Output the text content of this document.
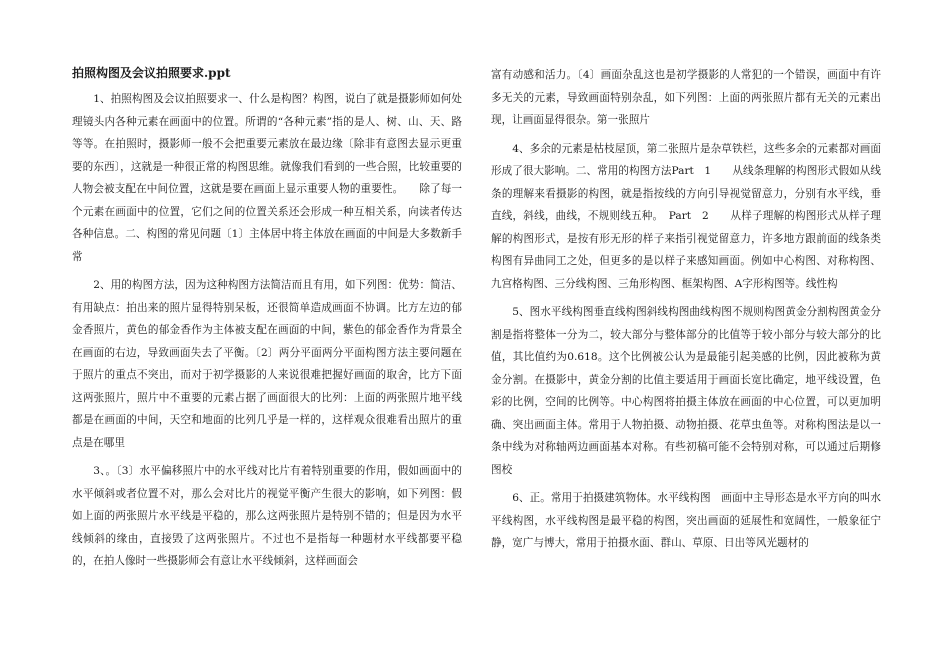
拍照构图及会议拍照要求.ppt

1、拍照构图及会议拍照要求一、什么是构图？构图，说白了就是摄影师如何处理镜头内各种元素在画面中的位置。所谓的“各种元素”指的是人、树、山、天、路等等。在拍照时，摄影师一般不会把重要元素放在最边缘〔除非有意图去显示更重要的东西〕，这就是一种很正常的构图思维。就像我们看到的一些合照，比较重要的人物会被支配在中间位置，这就是要在画面上显示重要人物的重要性。　　除了每一个元素在画面中的位置，它们之间的位置关系还会形成一种互相关系，向读者传达各种信息。二、构图的常见问题〔1〕主体居中将主体放在画面的中间是大多数新手常

2、用的构图方法，因为这种构图方法简洁而且有用，如下列图：优势：简洁、有用缺点：拍出来的照片显得特别呆板，还很简单造成画面不协调。比方左边的郁金香照片，黄色的郁金香作为主体被支配在画面的中间，紫色的郁金香作为背景全在画面的右边，导致画面失去了平衡。〔2〕两分平面两分平面构图方法主要问题在于照片的重点不突出，而对于初学摄影的人来说很难把握好画面的取舍，比方下面这两张照片，照片中不重要的元素占据了画面很大的比列：上面的两张照片地平线都是在画面的中间，天空和地面的比列几乎是一样的，这样观众很难看出照片的重点是在哪里

3、。〔3〕水平偏移照片中的水平线对比片有着特别重要的作用，假如画面中的水平倾斜或者位置不对，那么会对比片的视觉平衡产生很大的影响，如下列图：假如上面的两张照片水平线是平稳的，那么这两张照片是特别不错的；但是因为水平线倾斜的缘由，直接毁了这两张照片。不过也不是指每一种题材水平线都要平稳的，在拍人像时一些摄影师会有意让水平线倾斜，这样画面会

富有动感和活力。〔4〕画面杂乱这也是初学摄影的人常犯的一个错误，画面中有许多无关的元素，导致画面特别杂乱，如下列图：上面的两张照片都有无关的元素出现，让画面显得很杂。第一张照片

4、多余的元素是枯枝屋顶，第二张照片是杂草铁栏，这些多余的元素都对画面形成了很大影响。二、常用的构图方法Part　1　　从线条理解的构图形式假如从线条的理解来看摄影的构图，就是指按线的方向引导视觉留意力，分别有水平线，垂直线，斜线，曲线，不规则线五种。　Part　2　　从样子理解的构图形式从样子理解的构图形式，是按有形无形的样子来指引视觉留意力，许多地方跟前面的线条类构图有异曲同工之处，但更多的是以样子来感知画面。例如中心构图、对称构图、九宫格构图、三分线构图、三角形构图、框架构图、A字形构图等。线性构

5、图水平线构图垂直线构图斜线构图曲线构图不规则构图黄金分割构图黄金分割是指将整体一分为二，较大部分与整体部分的比值等于较小部分与较大部分的比值，其比值约为0.618。这个比例被公认为是最能引起美感的比例，因此被称为黄金分割。在摄影中，黄金分割的比值主要适用于画面长宽比确定，地平线设置，色彩的比例，空间的比例等。中心构图将拍摄主体放在画面的中心位置，可以更加明确、突出画面主体。常用于人物拍摄、动物拍摄、花草虫鱼等。对称构图法是以一条中线为对称轴两边画面基本对称。有些初稿可能不会特别对称，可以通过后期修图校

6、正。常用于拍摄建筑物体。水平线构图　画面中主导形态是水平方向的叫水平线构图，水平线构图是最平稳的构图，突出画面的延展性和宽阔性，一般象征宁静，宽广与博大，常用于拍摄水面、群山、草原、日出等风光题材的
